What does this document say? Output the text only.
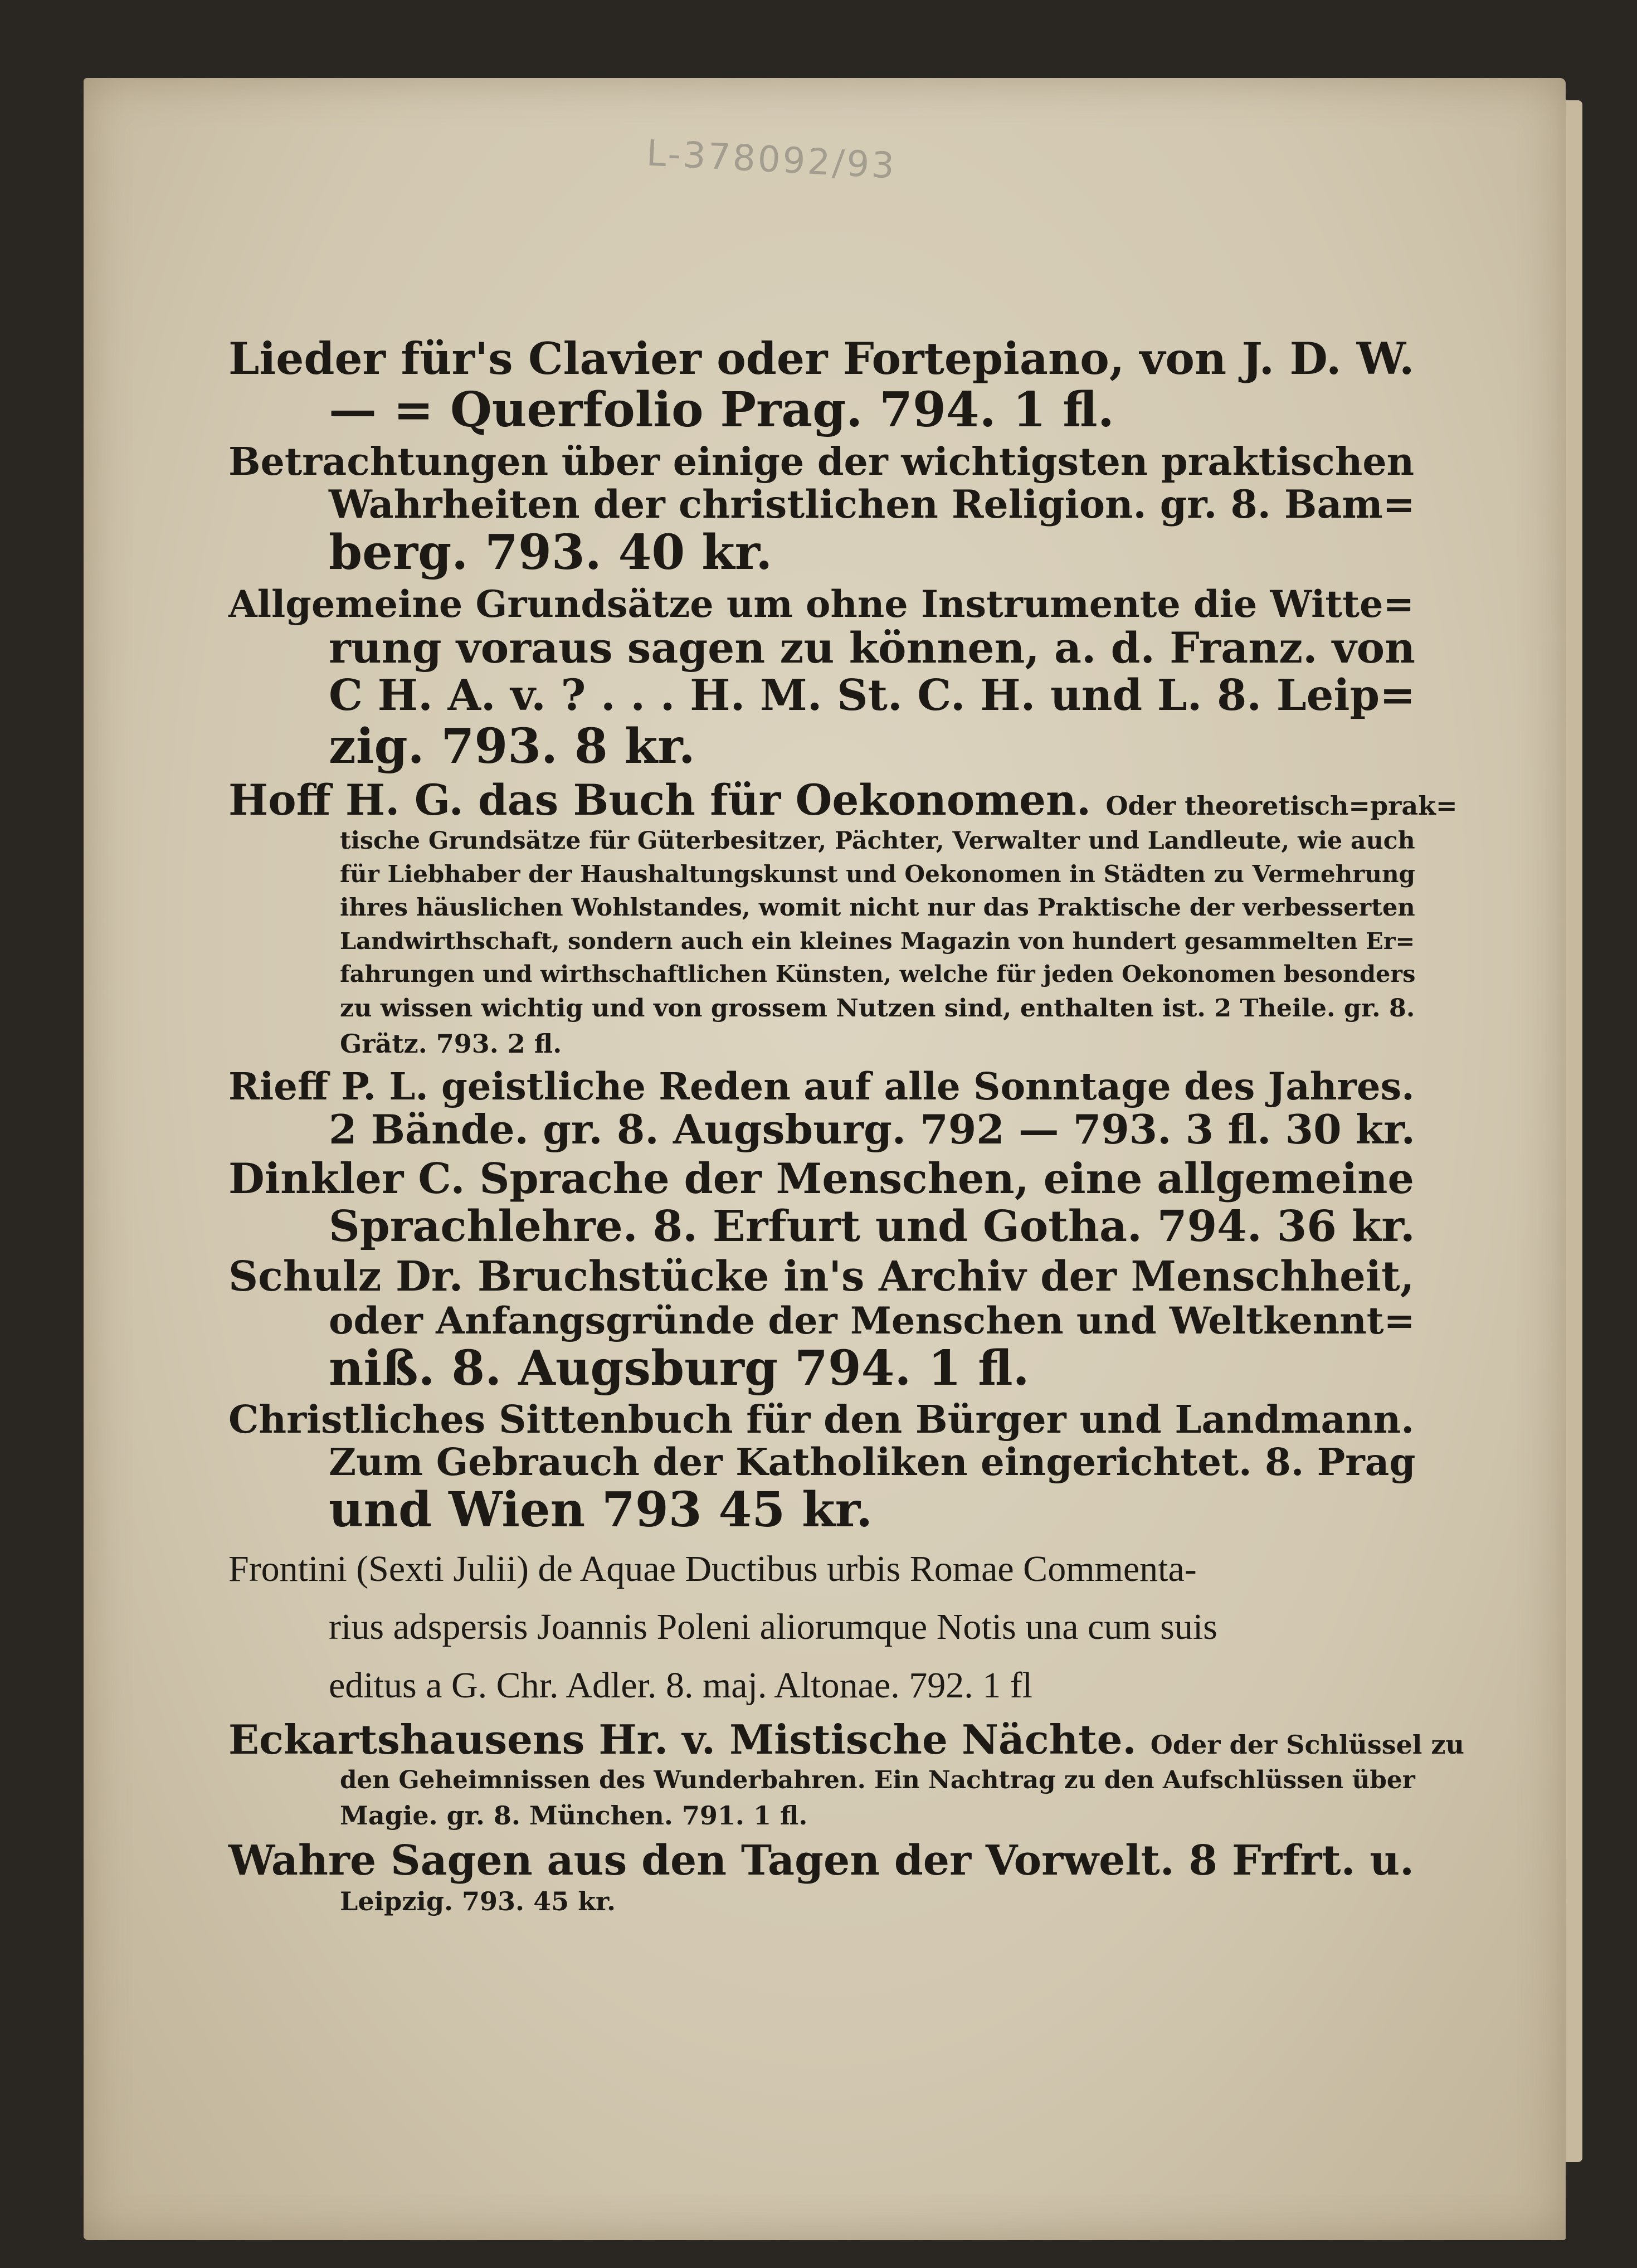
L-378092/93
Lieder für's Clavier oder Fortepiano, von J. D. W.
— = Querfolio Prag. 794. 1 fl.
Betrachtungen über einige der wichtigsten praktischen
Wahrheiten der christlichen Religion. gr. 8. Bam=
berg. 793. 40 kr.
Allgemeine Grundsätze um ohne Instrumente die Witte=
rung voraus sagen zu können, a. d. Franz. von
C H. A. v. ? . . . H. M. St. C. H. und L. 8. Leip=
zig. 793. 8 kr.
Hoff H. G. das Buch für Oekonomen. Oder theoretisch=prak=
tische Grundsätze für Güterbesitzer, Pächter, Verwalter und Landleute, wie auch
für Liebhaber der Haushaltungskunst und Oekonomen in Städten zu Vermehrung
ihres häuslichen Wohlstandes, womit nicht nur das Praktische der verbesserten
Landwirthschaft, sondern auch ein kleines Magazin von hundert gesammelten Er=
fahrungen und wirthschaftlichen Künsten, welche für jeden Oekonomen besonders
zu wissen wichtig und von grossem Nutzen sind, enthalten ist. 2 Theile. gr. 8.
Grätz. 793. 2 fl.
Rieff P. L. geistliche Reden auf alle Sonntage des Jahres.
2 Bände. gr. 8. Augsburg. 792 — 793. 3 fl. 30 kr.
Dinkler C. Sprache der Menschen, eine allgemeine
Sprachlehre. 8. Erfurt und Gotha. 794. 36 kr.
Schulz Dr. Bruchstücke in's Archiv der Menschheit,
oder Anfangsgründe der Menschen und Weltkennt=
niß. 8. Augsburg 794. 1 fl.
Christliches Sittenbuch für den Bürger und Landmann.
Zum Gebrauch der Katholiken eingerichtet. 8. Prag
und Wien 793 45 kr.
Frontini (Sexti Julii) de Aquae Ductibus urbis Romae Commenta-
rius adspersis Joannis Poleni aliorumque Notis una cum suis
editus a G. Chr. Adler. 8. maj. Altonae. 792. 1 fl
Eckartshausens Hr. v. Mistische Nächte. Oder der Schlüssel zu
den Geheimnissen des Wunderbahren. Ein Nachtrag zu den Aufschlüssen über
Magie. gr. 8. München. 791. 1 fl.
Wahre Sagen aus den Tagen der Vorwelt. 8 Frfrt. u.
Leipzig. 793. 45 kr.
